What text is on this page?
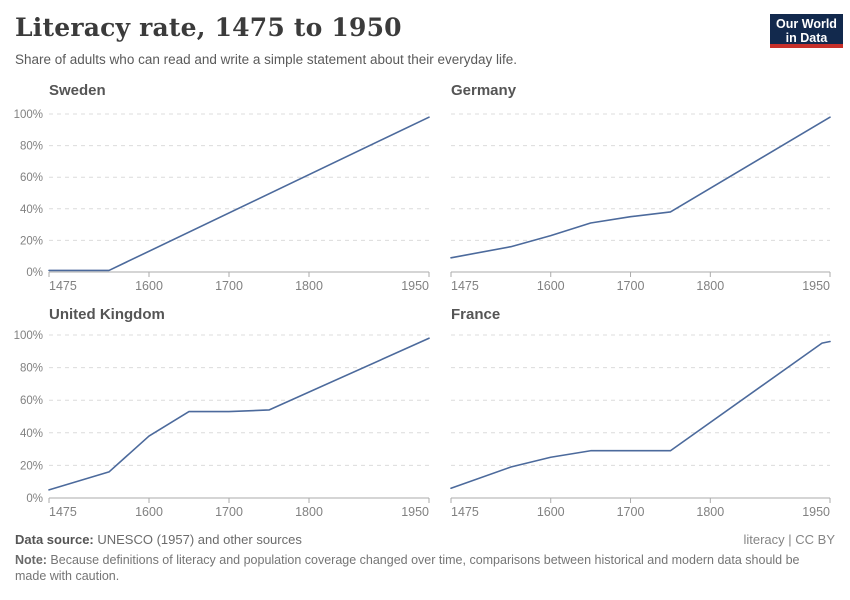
Literacy rate, 1475 to 1950

Share of adults who can read and write a simple statement about their everyday life.

Our World
in Data
Sweden
0%
20%
40%
60%
80%
100%
1475	1600	1700	1800	1950
Germany
1475	1600	1700	1800	1950
United Kingdom
0%
20%
40%
60%
80%
100%
1475	1600	1700	1800	1950
France
1475	1600	1700	1800	1950
Data source: UNESCO (1957) and other sources	literacy | CC BY
Note: Because definitions of literacy and population coverage changed over time, comparisons between historical and modern data should be made with caution.
